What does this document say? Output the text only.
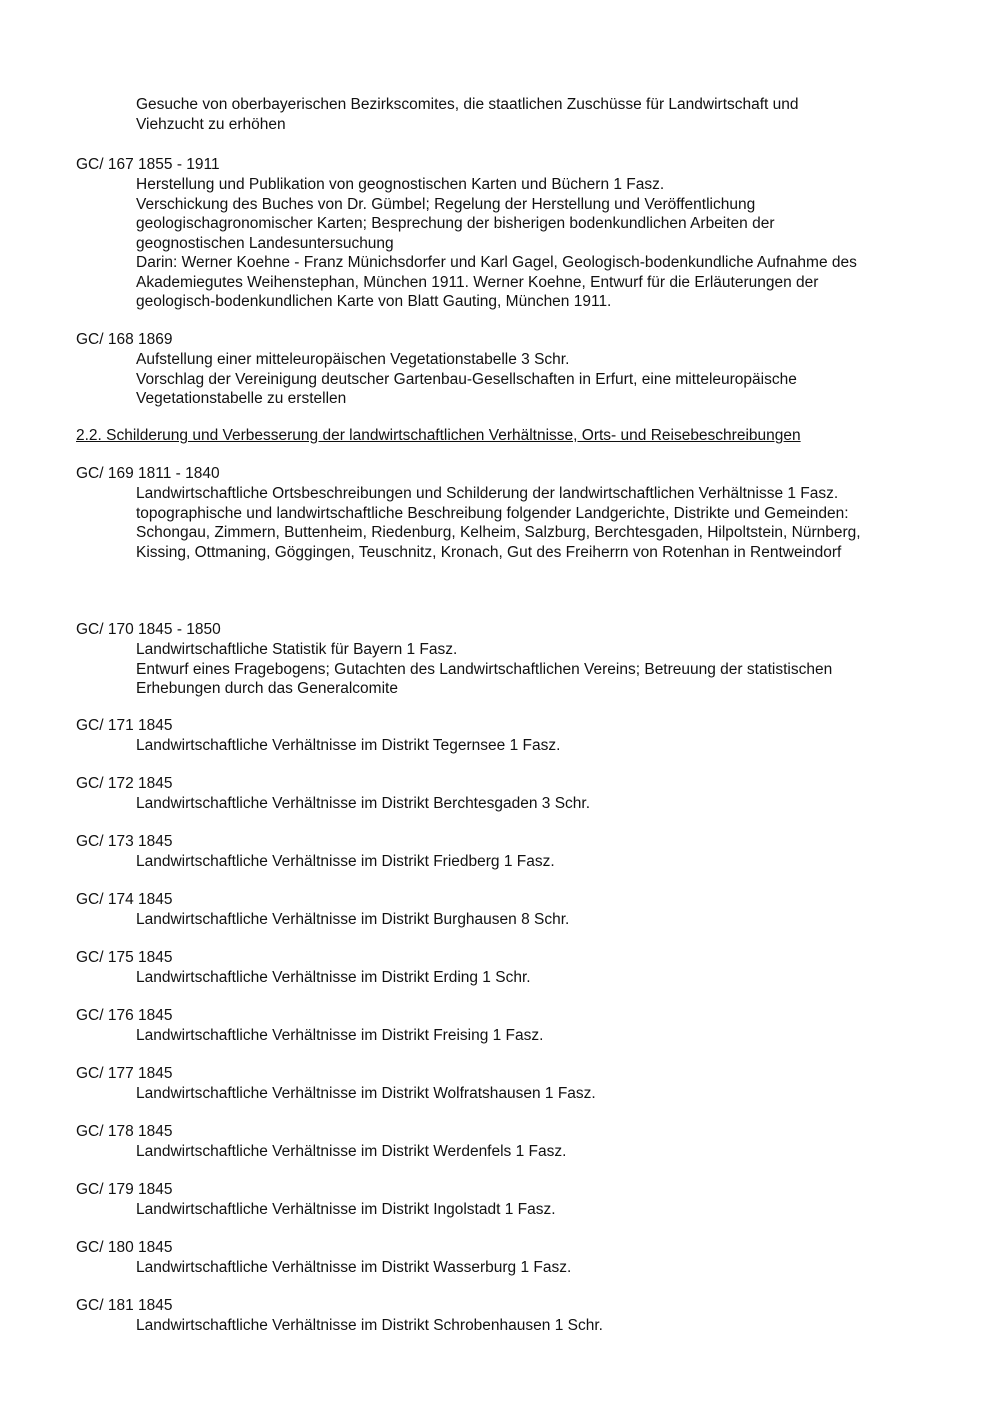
Gesuche von oberbayerischen Bezirkscomites, die staatlichen Zuschüsse für Landwirtschaft und Viehzucht zu erhöhen
GC/ 167 1855 - 1911
Herstellung und Publikation von geognostischen Karten und Büchern 1 Fasz.
Verschickung des Buches von Dr. Gümbel; Regelung der Herstellung und Veröffentlichung geologischagronomischer Karten; Besprechung der bisherigen bodenkundlichen Arbeiten der geognostischen Landesuntersuchung
Darin: Werner Koehne - Franz Münichsdorfer und Karl Gagel, Geologisch-bodenkundliche Aufnahme des Akademiegutes Weihenstephan, München 1911. Werner Koehne, Entwurf für die Erläuterungen der geologisch-bodenkundlichen Karte von Blatt Gauting, München 1911.
GC/ 168 1869
Aufstellung einer mitteleuropäischen Vegetationstabelle 3 Schr.
Vorschlag der Vereinigung deutscher Gartenbau-Gesellschaften in Erfurt, eine mitteleuropäische Vegetationstabelle zu erstellen
2.2. Schilderung und Verbesserung der landwirtschaftlichen Verhältnisse, Orts- und Reisebeschreibungen
GC/ 169 1811 - 1840
Landwirtschaftliche Ortsbeschreibungen und Schilderung der landwirtschaftlichen Verhältnisse 1 Fasz.
topographische und landwirtschaftliche Beschreibung folgender Landgerichte, Distrikte und Gemeinden: Schongau, Zimmern, Buttenheim, Riedenburg, Kelheim, Salzburg, Berchtesgaden, Hilpoltstein, Nürnberg, Kissing, Ottmaning, Göggingen, Teuschnitz, Kronach, Gut des Freiherrn von Rotenhan in Rentweindorf
GC/ 170 1845 - 1850
Landwirtschaftliche Statistik für Bayern 1 Fasz.
Entwurf eines Fragebogens; Gutachten des Landwirtschaftlichen Vereins; Betreuung der statistischen Erhebungen durch das Generalcomite
GC/ 171 1845
Landwirtschaftliche Verhältnisse im Distrikt Tegernsee 1 Fasz.
GC/ 172 1845
Landwirtschaftliche Verhältnisse im Distrikt Berchtesgaden 3 Schr.
GC/ 173 1845
Landwirtschaftliche Verhältnisse im Distrikt Friedberg 1 Fasz.
GC/ 174 1845
Landwirtschaftliche Verhältnisse im Distrikt Burghausen 8 Schr.
GC/ 175 1845
Landwirtschaftliche Verhältnisse im Distrikt Erding 1 Schr.
GC/ 176 1845
Landwirtschaftliche Verhältnisse im Distrikt Freising 1 Fasz.
GC/ 177 1845
Landwirtschaftliche Verhältnisse im Distrikt Wolfratshausen 1 Fasz.
GC/ 178 1845
Landwirtschaftliche Verhältnisse im Distrikt Werdenfels 1 Fasz.
GC/ 179 1845
Landwirtschaftliche Verhältnisse im Distrikt Ingolstadt 1 Fasz.
GC/ 180 1845
Landwirtschaftliche Verhältnisse im Distrikt Wasserburg 1 Fasz.
GC/ 181 1845
Landwirtschaftliche Verhältnisse im Distrikt Schrobenhausen 1 Schr.
